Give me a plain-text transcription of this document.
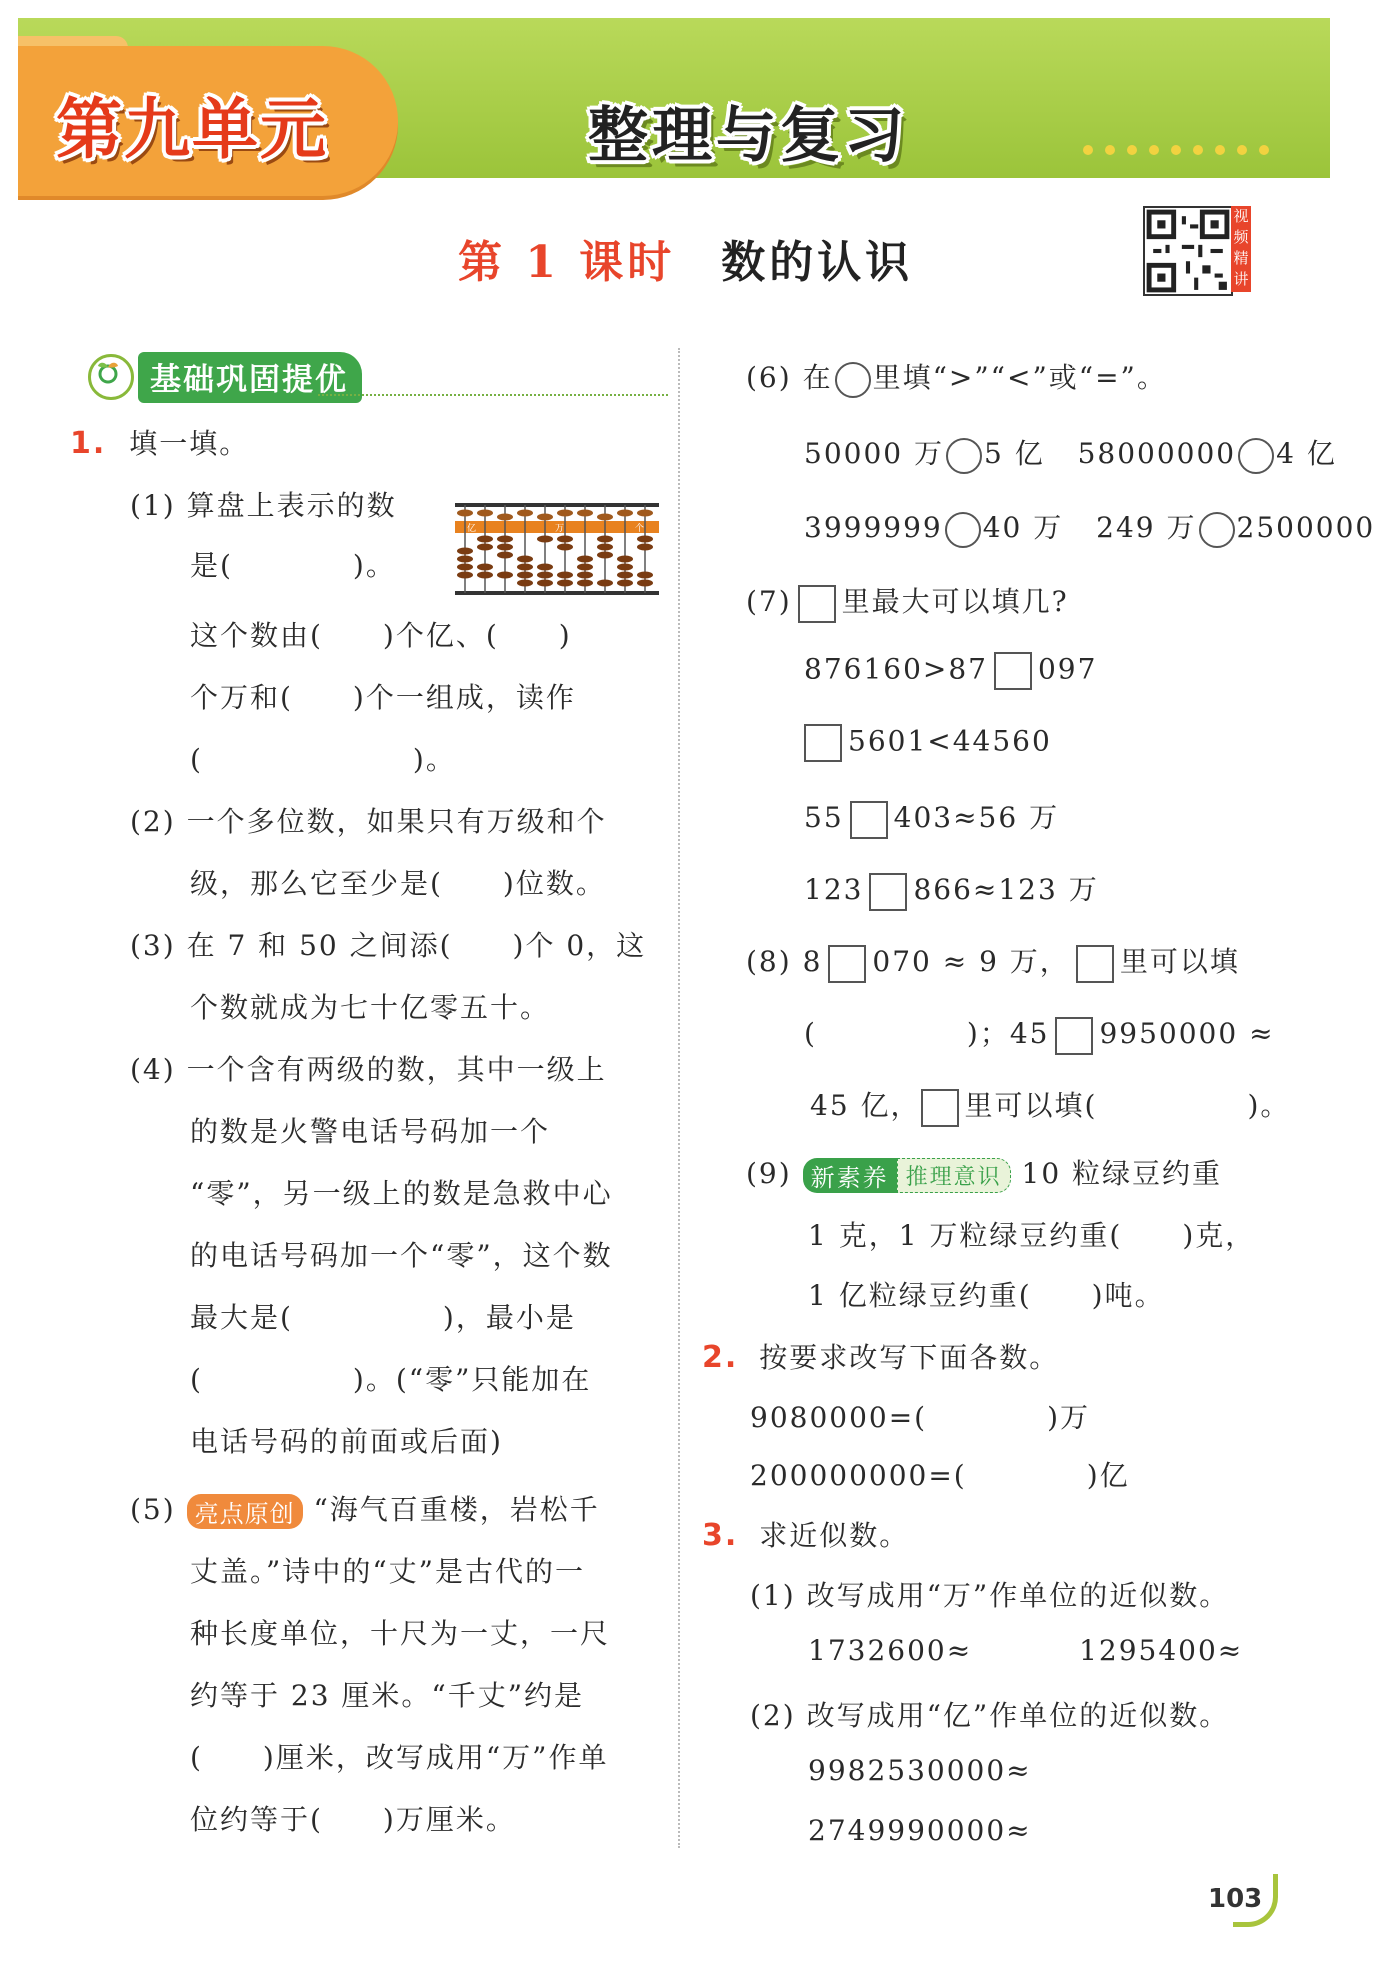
第九单元	整理与复习
第 1 课时 数的认识
视频精讲
基础巩固提优
1. 填一填。
(1) 算盘上表示的数
是(　　　　)。
亿	万	个
这个数由(　　)个亿、(　　)
个万和(　　)个一组成，读作
(　　　　　　　)。
(2) 一个多位数，如果只有万级和个
级，那么它至少是(　　)位数。
(3) 在 7 和 50 之间添(　　)个 0，这
个数就成为七十亿零五十。
(4) 一个含有两级的数，其中一级上
的数是火警电话号码加一个
“零”，另一级上的数是急救中心
的电话号码加一个“零”，这个数
最大是(　　　　　)，最小是
(　　　　　)。(“零”只能加在
电话号码的前面或后面)
(5) 亮点原创 “海气百重楼，岩松千
丈盖。”诗中的“丈”是古代的一
种长度单位，十尺为一丈，一尺
约等于 23 厘米。“千丈”约是
(　　)厘米，改写成用“万”作单
位约等于(　　)万厘米。
(6) 在 里填“>”“<”或“=”。
50000 万 5 亿 58000000 4 亿
3999999 40 万 249 万 2500000
(7) 里最大可以填几?
876160>87 097
5601<44560
55 403≈56 万
123 866≈123 万
(8) 8 070 ≈ 9 万， 里可以填
(　　　　　)；45 9950000 ≈
45 亿， 里可以填(　　　　　)。
(9) 新素养 推理意识 10 粒绿豆约重
1 克，1 万粒绿豆约重(　　)克，
1 亿粒绿豆约重(　　)吨。
2. 按要求改写下面各数。
9080000=(　　　　)万
200000000=(　　　　)亿
3. 求近似数。
(1) 改写成用“万”作单位的近似数。
1732600≈	1295400≈
(2) 改写成用“亿”作单位的近似数。
9982530000≈
2749990000≈
103
